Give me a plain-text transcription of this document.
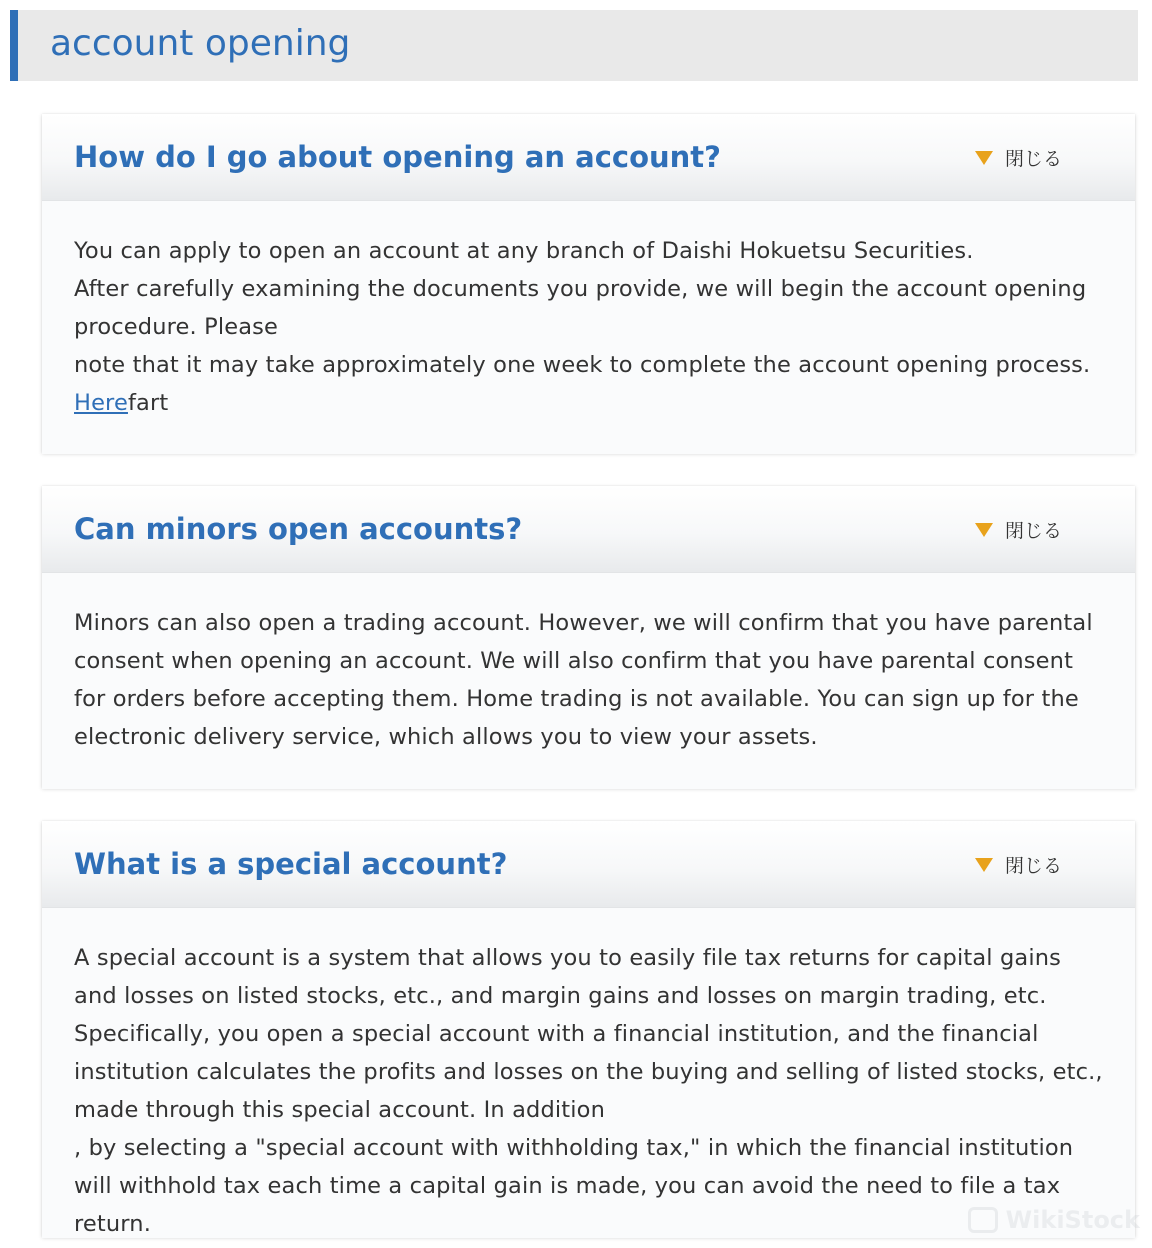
account opening
How do I go about opening an account?	閉じる

You can apply to open an account at any branch of Daishi Hokuetsu Securities.

After carefully examining the documents you provide, we will begin the account opening procedure. Please

note that it may take approximately one week to complete the account opening process.

Herefart

Can minors open accounts?	閉じる

Minors can also open a trading account. However, we will confirm that you have parental consent when opening an account. We will also confirm that you have parental consent for orders before accepting them. Home trading is not available. You can sign up for the electronic delivery service, which allows you to view your assets.

What is a special account?	閉じる

A special account is a system that allows you to easily file tax returns for capital gains and losses on listed stocks, etc., and margin gains and losses on margin trading, etc. Specifically, you open a special account with a financial institution, and the financial institution calculates the profits and losses on the buying and selling of listed stocks, etc., made through this special account. In addition

, by selecting a "special account with withholding tax," in which the financial institution will withhold tax each time a capital gain is made, you can avoid the need to file a tax return.	WikiStock
